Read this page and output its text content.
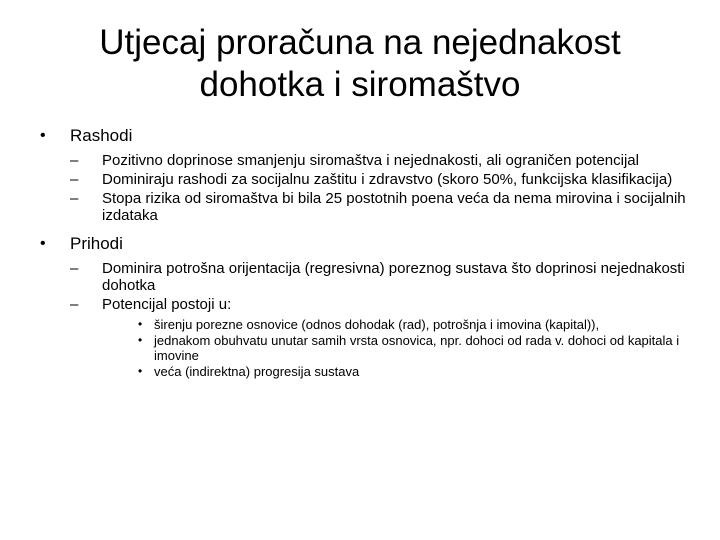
Utjecaj proračuna na nejednakost
dohotka i siromaštvo
• Rashodi
– Pozitivno doprinose smanjenju siromaštva i nejednakosti, ali ograničen potencijal
– Dominiraju rashodi za socijalnu zaštitu i zdravstvo (skoro 50%, funkcijska klasifikacija)
– Stopa rizika od siromaštva bi bila 25 postotnih poena veća da nema mirovina i socijalnih izdataka
• Prihodi
– Dominira potrošna orijentacija (regresivna) poreznog sustava što doprinosi nejednakosti dohotka
– Potencijal postoji u:
• širenju porezne osnovice (odnos dohodak (rad), potrošnja i imovina (kapital)),
• jednakom obuhvatu unutar samih vrsta osnovica, npr. dohoci od rada v. dohoci od kapitala i imovine
• veća (indirektna) progresija sustava
